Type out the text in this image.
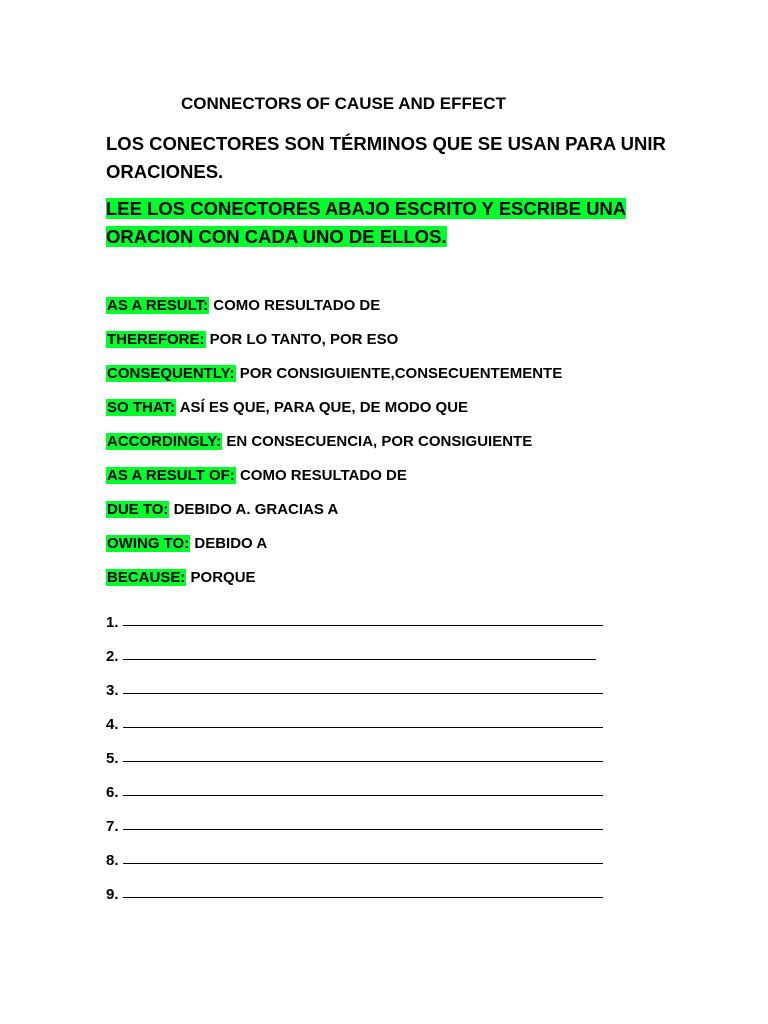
CONNECTORS OF CAUSE AND EFFECT
LOS CONECTORES SON TÉRMINOS QUE SE USAN PARA UNIR ORACIONES.
LEE LOS CONECTORES ABAJO ESCRITO Y ESCRIBE UNA ORACION CON CADA UNO DE ELLOS.
AS A RESULT: COMO RESULTADO DE
THEREFORE: POR LO TANTO, POR ESO
CONSEQUENTLY: POR CONSIGUIENTE,CONSECUENTEMENTE
SO THAT: ASÍ ES QUE, PARA QUE, DE MODO QUE
ACCORDINGLY: EN CONSECUENCIA, POR CONSIGUIENTE
AS A RESULT OF: COMO RESULTADO DE
DUE TO: DEBIDO A. GRACIAS A
OWING TO: DEBIDO A
BECAUSE: PORQUE
1.
2.
3.
4.
5.
6.
7.
8.
9.
